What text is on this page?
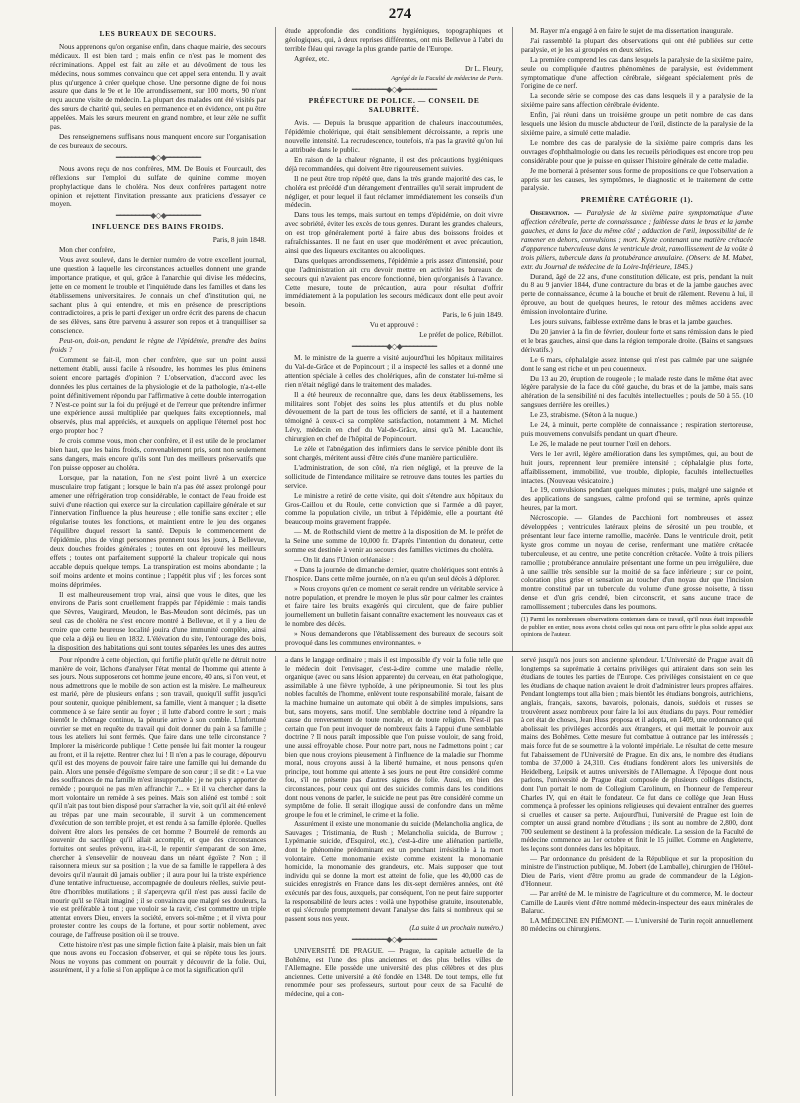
274
LES BUREAUX DE SECOURS.

Nous apprenons qu'on organise enfin, dans chaque mairie, des secours médicaux. Il est bien tard ; mais enfin ce n'est pas le moment des récriminations. Appel est fait au zèle et au dévoûment de tous les médecins, nous sommes convaincu que cet appel sera entendu. Il y avait plus qu'urgence à créer quelque chose. Une personne digne de foi nous assure que dans le 9e et le 10e arrondissement, sur 100 morts, 90 n'ont reçu aucune visite de médecin. La plupart des malades ont été visités par des sœurs de charité qui, seules en permanence et en évidence, ont pu être appelées. Mais les sœurs meurent en grand nombre, et leur zèle ne suffit pas.

Des renseignemens suffisans nous manquent encore sur l'organisation de ces bureaux de secours.

━━━━━━━━━◆◇◆━━━━━━━━━

Nous avons reçu de nos confrères, MM. De Bouis et Fourcault, des réflexions sur l'emploi du sulfate de quinine comme moyen prophylactique dans le choléra. Nos deux confrères partagent notre opinion et rejettent l'invitation pressante aux praticiens d'essayer ce moyen.

━━━━━━━━━◆◇◆━━━━━━━━━
INFLUENCE DES BAINS FROIDS.

Paris, 8 juin 1848.

Mon cher confrère,

Vous avez soulevé, dans le dernier numéro de votre excellent journal, une question à laquelle les circonstances actuelles donnent une grande importance pratique, et qui, grâce à l'anarchie qui divise les médecins, jette en ce moment le trouble et l'inquiétude dans les familles et dans les établissemens universitaires. Je connais un chef d'institution qui, ne sachant plus à qui entendre, et mis en présence de prescriptions contradictoires, a pris le parti d'exiger un ordre écrit des parens de chacun de ses élèves, sans être parvenu à assurer son repos et à tranquilliser sa conscience.

Peut-on, doit-on, pendant le règne de l'épidémie, prendre des bains froids ?

Comment se fait-il, mon cher confrère, que sur un point aussi nettement établi, aussi facile à résoudre, les hommes les plus éminens soient encore partagés d'opinion ? L'observation, d'accord avec les données les plus certaines de la physiologie et de la pathologie, n'a-t-elle point définitivement répondu par l'affirmative à cette double interrogation ? N'est-ce point sur la foi du préjugé et de l'erreur que prétendre infirmer une expérience aussi multipliée par quelques faits exceptionnels, mal observés, plus mal appréciés, et auxquels on applique l'éternel post hoc ergo propter hoc ?

Je crois comme vous, mon cher confrère, et il est utile de le proclamer bien haut, que les bains froids, convenablement pris, sont non seulement sans dangers, mais encore qu'ils sont l'un des meilleurs préservatifs que l'on puisse opposer au choléra.

Lorsque, par la natation, l'on ne s'est point livré à un exercice musculaire trop fatigant ; lorsque le bain n'a pas été assez prolongé pour amener une réfrigération trop considérable, le contact de l'eau froide est suivi d'une réaction qui exerce sur la circulation capillaire générale et sur l'innervation l'influence la plus heureuse ; elle tonifie sans exciter ; elle régularise toutes les fonctions, et maintient entre le jeu des organes l'équilibre duquel ressort la santé. Depuis le commencement de l'épidémie, plus de vingt personnes prennent tous les jours, à Bellevue, deux douches froides générales ; toutes en ont éprouvé les meilleurs effets ; toutes ont parfaitement supporté la chaleur tropicale qui nous accable depuis quelque temps. La transpiration est moins abondante ; la soif moins ardente et moins continue ; l'appétit plus vif ; les forces sont moins déprimées.

Il est malheureusement trop vrai, ainsi que vous le dites, que les environs de Paris sont cruellement frappés par l'épidémie : mais tandis que Sèvres, Vaugirard, Meudon, le Bas-Meudon sont décimés, pas un seul cas de choléra ne s'est encore montré à Bellevue, et il y a lieu de croire que cette heureuse localité jouira d'une immunité complète, ainsi que cela a déjà eu lieu en 1832. L'élévation du site, l'entourage des bois, la disposition des habitations qui sont toutes séparées les unes des autres

étude approfondie des conditions hygiéniques, topographiques et géologiques, qui, à deux reprises différentes, ont mis Bellevue à l'abri du terrible fléau qui ravage la plus grande partie de l'Europe.

Agréez, etc.

Dr L. Fleury,

Agrégé de la Faculté de médecine de Paris.

━━━━━━━━━◆◇◆━━━━━━━━━
PRÉFECTURE DE POLICE. — CONSEIL DE SALUBRITÉ.

Avis. — Depuis la brusque apparition de chaleurs inaccoutumées, l'épidémie cholérique, qui était sensiblement décroissante, a repris une nouvelle intensité. La recrudescence, toutefois, n'a pas la gravité qu'on lui a attribuée dans le public.

En raison de la chaleur régnante, il est des précautions hygiéniques déjà recommandées, qui doivent être rigoureusement suivies.

Il ne peut être trop répété que, dans la très grande majorité des cas, le choléra est précédé d'un dérangement d'entrailles qu'il serait imprudent de négliger, et pour lequel il faut réclamer immédiatement les conseils d'un médecin.

Dans tous les temps, mais surtout en temps d'épidémie, on doit vivre avec sobriété, éviter les excès de tous genres. Durant les grandes chaleurs, on est trop généralement porté à faire abus des boissons froides et rafraîchissantes. Il ne faut en user que modérément et avec précaution, ainsi que des liqueurs excitantes ou alcooliques.

Dans quelques arrondissemens, l'épidémie a pris assez d'intensité, pour que l'administration ait cru devoir mettre en activité les bureaux de secours qui n'avaient pas encore fonctionné, bien qu'organisés à l'avance. Cette mesure, toute de précaution, aura pour résultat d'offrir immédiatement à la population les secours médicaux dont elle peut avoir besoin.

Paris, le 6 juin 1849.

Vu et approuvé :

Le préfet de police, Rébillot.

━━━━━━━━━◆◇◆━━━━━━━━━

M. le ministre de la guerre a visité aujourd'hui les hôpitaux militaires du Val-de-Grâce et de Popincourt ; il a inspecté les salles et a donné une attention spéciale à celles des cholériques, afin de constater lui-même si rien n'était négligé dans le traitement des malades.

Il a été heureux de reconnaître que, dans les deux établissemens, les militaires sont l'objet des soins les plus attentifs et du plus noble dévouement de la part de tous les officiers de santé, et il a hautement témoigné à ceux-ci sa complète satisfaction, notamment à M. Michel Lévy, médecin en chef du Val-de-Grâce, ainsi qu'à M. Lacauchie, chirurgien en chef de l'hôpital de Popincourt.

Le zèle et l'abnégation des infirmiers dans le service pénible dont ils sont chargés, méritent aussi d'être cités d'une manière particulière.

L'administration, de son côté, n'a rien négligé, et la preuve de la sollicitude de l'intendance militaire se retrouve dans toutes les parties du service.

Le ministre a retiré de cette visite, qui doit s'étendre aux hôpitaux du Gros-Caillou et du Roule, cette conviction que si l'armée a dû payer, comme la population civile, un tribut à l'épidémie, elle a pourtant été beaucoup moins gravement frappée.

— M. de Rothschild vient de mettre à la disposition de M. le préfet de la Seine une somme de 10,000 fr. D'après l'intention du donateur, cette somme est destinée à venir au secours des familles victimes du choléra.

— On lit dans l'Union orléanaise :

« Dans la journée de dimanche dernier, quatre cholériques sont entrés à l'hospice. Dans cette même journée, on n'a eu qu'un seul décès à déplorer.

» Nous croyons qu'en ce moment ce serait rendre un véritable service à notre population, et prendre le moyen le plus sûr pour calmer les craintes et faire taire les bruits exagérés qui circulent, que de faire publier journellement un bulletin faisant connaître exactement les nouveaux cas et le nombre des décès.

» Nous demanderons que l'établissement des bureaux de secours soit provoqué dans les communes environnantes. »

M. Rayer m'a engagé à en faire le sujet de ma dissertation inaugurale.

J'ai rassemblé la plupart des observations qui ont été publiées sur cette paralysie, et je les ai groupées en deux séries.

La première comprend les cas dans lesquels la paralysie de la sixième paire, seule ou compliquée d'autres phénomènes de paralysie, est évidemment symptomatique d'une affection cérébrale, siégeant spécialement près de l'origine de ce nerf.

La seconde série se compose des cas dans lesquels il y a paralysie de la sixième paire sans affection cérébrale évidente.

Enfin, j'ai réuni dans un troisième groupe un petit nombre de cas dans lesquels une lésion du muscle abducteur de l'œil, distincte de la paralysie de la sixième paire, a simulé cette maladie.

Le nombre des cas de paralysie de la sixième paire compris dans les ouvrages d'ophthalmologie ou dans les recueils périodiques est encore trop peu considérable pour que je puisse en quisser l'histoire générale de cette maladie.

Je me bornerai à présenter sous forme de propositions ce que l'observation a appris sur les causes, les symptômes, le diagnostic et le traitement de cette paralysie.

PREMIÈRE CATÉGORIE (1).

Observation. — Paralysie de la sixième paire symptomatique d'une affection cérébrale, perte de connaissance ; faiblesse dans le bras et la jambe gauches, et dans la face du même côté ; adduction de l'œil, impossibilité de le ramener en dehors, convulsions ; mort. Kyste contenant une matière crétacée d'apparence tuberculeuse dans le ventricule droit, ramollissement de la voûte à trois piliers, tubercule dans la protubérance annulaire. (Observ. de M. Mabet, extr. du Journal de médecine de la Loire-Inférieure, 1845.)

Durand, âgé de 22 ans, d'une constitution délicate, est pris, pendant la nuit du 8 au 9 janvier 1844, d'une contracture du bras et de la jambe gauches avec perte de connaissance, écume à la bouche et bruit de râlement. Revenu à lui, il éprouve, au bout de quelques heures, le retour des mêmes accidens avec émission involontaire d'urine.

Les jours suivans, faiblesse extrême dans le bras et la jambe gauches.

Du 20 janvier à la fin de février, douleur forte et sans rémission dans le pied et le bras gauches, ainsi que dans la région temporale droite. (Bains et sangsues dérivatifs.)

Le 6 mars, céphalalgie assez intense qui n'est pas calmée par une saignée dont le sang est riche et un peu couenneux.

Du 13 au 20, éruption de rougeole ; le malade reste dans le même état avec légère paralysie de la face du côté gauche, du bras et de la jambe, mais sans altération de la sensibilité ni des facultés intellectuelles ; pouls de 50 à 55. (10 sangsues derrière les oreilles.)

Le 23, strabisme. (Séton à la nuque.)

Le 24, à minuit, perte complète de connaissance ; respiration stertoreuse, puis mouvemens convulsifs pendant un quart d'heure.

Le 26, le malade ne peut tourner l'œil en dehors.

Vers le 1er avril, légère amélioration dans les symptômes, qui, au bout de huit jours, reprennent leur première intensité ; céphalalgie plus forte, affaiblissement, immobilité, vue trouble, diplopie, facultés intellectuelles intactes. (Nouveau vésicatoire.)

Le 19, convulsions pendant quelques minutes ; puis, malgré une saignée et des applications de sangsues, calme profond qui se termine, après quinze heures, par la mort.

Nécroscopie. — Glandes de Pacchioni fort nombreuses et assez développées ; ventricules latéraux pleins de sérosité un peu trouble, et présentant leur face interne ramollie, macérée. Dans le ventricule droit, petit kyste gros comme un noyau de cerise, renfermant une matière crétacée tuberculeuse, et au centre, une petite concrétion crétacée. Voûte à trois piliers ramollie ; protubérance annulaire présentant une forme un peu irrégulière, due à une saillie très sensible sur la moitié de sa face inférieure ; sur ce point, coloration plus grise et sensation au toucher d'un noyau dur que l'incision montre constitué par un tubercule du volume d'une grosse noisette, à tissu dense et d'un gris cendré, bien circonscrit, et sans aucune trace de ramollissement ; tubercules dans les poumons.

(1) Parmi les nombreuses observations contenues dans ce travail, qu'il nous était impossible de publier en entier, nous avons choisi celles qui nous ont paru offrir le plus solide appui aux opinions de l'auteur.

Pour répondre à cette objection, qui fortifie plutôt qu'elle ne détruit notre manière de voir, lâchons d'analyser l'état mental de l'homme qui attente à ses jours. Nous supposerons cet homme jeune encore, 40 ans, si l'on veut, et nous admettrons que le mobile de son action est la misère. Le malheureux est marié, père de plusieurs enfans ; son travail, quoiqu'il suffit jusqu'ici pour soutenir, quoique péniblement, sa famille, vient à manquer ; la disette commence à se faire sentir au foyer ; il lutte d'abord contre le sort ; mais bientôt le chômage continue, la pénurie arrive à son comble. L'infortuné ouvrier se met en requête du travail qui doit donner du pain à sa famille ; tous les ateliers lui sont fermés. Que faire dans une telle circonstance ? Implorer la miséricorde publique ! Cette pensée lui fait monter la rougeur au front, et il la rejette. Rentrer chez lui ! Il n'en a pas le courage, dépourvu qu'il est des moyens de pouvoir faire taire une famille qui lui demande du pain. Alors une pensée d'égoïsme s'empare de son cœur ; il se dit : « La vue des souffrances de ma famille m'est insupportable ; je ne puis y apporter de remède ; pourquoi ne pas m'en affranchir ?... » Et il va chercher dans la mort volontaire un remède à ses peines. Mais son aliéné est tombé : soit qu'il n'ait pas tout bien disposé pour s'arracher la vie, soit qu'il ait été enlevé au trépas par une main secourable, il survit à un commencement d'exécution de son terrible projet, et est rendu à sa famille éplorée. Quelles doivent être alors les pensées de cet homme ? Bourrelé de remords au souvenir du sacrilège qu'il allait accomplir, et que des circonstances fortuites ont seules prévenu, ira-t-il, le repentir s'emparant de son âme, chercher à s'enseveliir de nouveau dans un néant égoïste ? Non ; il raisonnera mieux sur sa position ; la vue de sa famille le rappellera à des devoirs qu'il n'aurait dû jamais oublier ; il aura pour lui la triste expérience d'une tentative infructueuse, accompagnée de douleurs réelles, suivie peut-être d'horribles mutilations ; il s'aperçevra qu'il n'est pas aussi facile de mourir qu'il se l'était imaginé ; il se convaincra que malgré ses douleurs, la vie est préférable à tout ; que vouloir se la ravir, c'est commettre un triple attentat envers Dieu, envers la société, envers soi-même ; et il vivra pour protester contre les coups de la fortune, et pour sortir noblement, avec courage, de l'affreuse position où il se trouve.

Cette histoire n'est pas une simple fiction faite à plaisir, mais bien un fait que nous avons eu l'occasion d'observer, et qui se répète tous les jours. Nous ne voyons pas comment on pourrait y découvrir de la folie. Oui, assurément, il y a folie si l'on applique à ce mot la signification qu'il

a dans le langage ordinaire ; mais il est impossible d'y voir la folie telle que le médecin doit l'envisager, c'est-à-dire comme une maladie réelle, organique (avec ou sans lésion apparente) du cerveau, en état pathologique, assimilable à une fièvre typhoïde, à une péripneumonie. Si tout les plus nobles facultés de l'homme, enlèvent toute responsabilité morale, faisant de la machine humaine un automate qui obéit à de simples impulsions, sans but, sans moyens, sans motif. Une semblable doctrine tend à répandre la cause du renversement de toute morale, et de toute religion. N'est-il pas certain que l'on peut invoquer de nombreux faits à l'appui d'une semblable doctrine ? Il nous paraît impossible que l'on puisse vouloir, de sang froid, une aussi effroyable chose. Pour notre part, nous ne l'admettons point ; car bien que nous croyions pieusement à l'influence de la maladie sur l'homme moral, nous croyons aussi à la liberté humaine, et nous pensons qu'en principe, tout homme qui attente à ses jours ne peut être considéré comme fou, s'il ne présente pas d'autres signes de folie. Aussi, en bien des circonstances, pour ceux qui ont des suicides commis dans les conditions dont nous venons de parler, le suicide ne peut pas être considéré comme un symptôme de folie. Il serait illogique aussi de confondre dans un même groupe le fou et le criminel, le crime et la folie.

Assurément il existe une monomanie du suicide (Melancholia anglica, de Sauvages ; Tristimania, de Rush ; Melancholia suicida, de Burrow ; Lypémanie suicide, d'Esquirol, etc.), c'est-à-dire une aliénation partielle, dont le phénomène prédominant est un penchant irrésistible à la mort volontaire. Cette monomanie existe comme existent la monomanie homicide, la monomanie des grandeurs, etc. Mais supposer que tout individu qui se donne la mort est atteint de folie, que les 40,000 cas de suicides enregistrés en France dans les dix-sept dernières années, ont été exécutés par des fous, auxquels, par conséquent, l'on ne peut faire supporter la responsabilité de leurs actes : voilà une hypothèse gratuite, insoutenable, et qui s'écroule promptement devant l'analyse des faits si nombreux qui se passent sous nos yeux.

(La suite à un prochain numéro.)

━━━━━━━━━◆◇◆━━━━━━━━━

UNIVERSITÉ DE PRAGUE. — Prague, la capitale actuelle de la Bohême, est l'une des plus anciennes et des plus belles villes de l'Allemagne. Elle possède une université des plus célèbres et des plus anciennes. Cette université a été fondée en 1348. De tout temps, elle fut renommée pour ses professeurs, surtout pour ceux de sa Faculté de médecine, qui a con-

servé jusqu'à nos jours son ancienne splendeur. L'Université de Prague avait dû longtemps sa suprématie à certains privilèges qui attiraient dans son sein les étudians de toutes les parties de l'Europe. Ces privilèges consistaient en ce que les étudians de chaque nation avaient le droit d'administrer leurs propres affaires. Pendant longtemps tout alla bien ; mais bientôt les étudians bongrois, autrichiens, anglais, français, saxons, bavarois, polonais, danois, suédois et russes se trouvèrent assez nombreux pour faire la loi aux étudians du pays. Pour remédier à cet état de choses, Jean Huss proposa et il adopta, en 1409, une ordonnance qui abolissait les privilèges accordés aux étrangers, et qui mettait le pouvoir aux mains des Bohêmes. Cette mesure fut combattue à outrance par les intéressés ; mais force fut de se soumettre à la volonté impériale. Le résultat de cette mesure fut l'abaissement de l'Université de Prague. En dix ans, le nombre des étudians tomba de 37,000 à 24,310. Ces étudians fondèrent alors les universités de Heidelberg, Leipsik et autres universités de l'Allemagne. À l'époque dont nous parlons, l'université de Prague était composée de plusieurs collèges distincts, dont l'un portait le nom de Collegium Carolinum, en l'honneur de l'empereur Charles IV, qui en était le fondateur. Ce fut dans ce collège que Jean Huss commença à professer les opinions religieuses qui devaient entraîner des guerres si cruelles et causer sa perte. Aujourd'hui, l'université de Prague est loin de compter un aussi grand nombre d'étudians ; ils sont au nombre de 2,800, dont 700 seulement se destinent à la profession médicale. La session de la Faculté de médecine commence au 1er octobre et finit le 15 juillet. Comme en Angleterre, les leçons sont données dans les hôpitaux.

— Par ordonnance du président de la République et sur la proposition du ministre de l'instruction publique, M. Jobert (de Lamballe), chirurgien de l'Hôtel-Dieu de Paris, vient d'être promu au grade de commandeur de la Légion-d'Honneur.

— Par arrêté de M. le ministre de l'agriculture et du commerce, M. le docteur Camille de Laurès vient d'être nommé médecin-inspecteur des eaux minérales de Balaruc.

LA MÉDECINE EN PIÉMONT. — L'université de Turin reçoit annuellement 80 médecins ou chirurgiens.
